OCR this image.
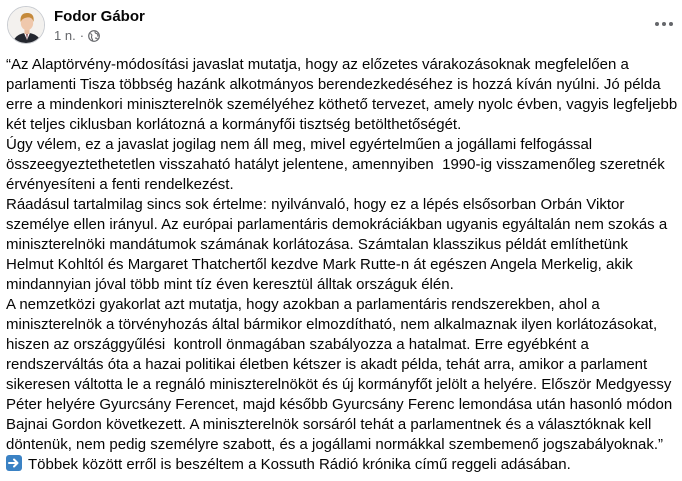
Fodor Gábor
1 n. ·

“Az Alaptörvény-módosítási javaslat mutatja, hogy az előzetes várakozásoknak megfelelően a parlamenti Tisza többség hazánk alkotmányos berendezkedéséhez is hozzá kíván nyúlni. Jó példa erre a mindenkori miniszterelnök személyéhez köthető tervezet, amely nyolc évben, vagyis legfeljebb két teljes ciklusban korlátozná a kormányfői tisztség betölthetőségét.

Úgy vélem, ez a javaslat jogilag nem áll meg, mivel egyértelműen a jogállami felfogással összeegyeztethetetlen visszaható hatályt jelentene, amennyiben  1990-ig visszamenőleg szeretnék érvényesíteni a fenti rendelkezést.

Ráadásul tartalmilag sincs sok értelme: nyilvánvaló, hogy ez a lépés elsősorban Orbán Viktor személye ellen irányul. Az európai parlamentáris demokráciákban ugyanis egyáltalán nem szokás a miniszterelnöki mandátumok számának korlátozása. Számtalan klasszikus példát említhetünk Helmut Kohltól és Margaret Thatchertől kezdve Mark Rutte-n át egészen Angela Merkelig, akik mindannyian jóval több mint tíz éven keresztül álltak országuk élén.

A nemzetközi gyakorlat azt mutatja, hogy azokban a parlamentáris rendszerekben, ahol a miniszterelnök a törvényhozás által bármikor elmozdítható, nem alkalmaznak ilyen korlátozásokat, hiszen az országgyűlési  kontroll önmagában szabályozza a hatalmat. Erre egyébként a rendszerváltás óta a hazai politikai életben kétszer is akadt példa, tehát arra, amikor a parlament sikeresen váltotta le a regnáló miniszterelnököt és új kormányfőt jelölt a helyére. Először Medgyessy Péter helyére Gyurcsány Ferencet, majd később Gyurcsány Ferenc lemondása után hasonló módon Bajnai Gordon következett. A miniszterelnök sorsáról tehát a parlamentnek és a választóknak kell döntenük, nem pedig személyre szabott, és a jogállami normákkal szembemenő jogszabályoknak.”

Többek között erről is beszéltem a Kossuth Rádió krónika című reggeli adásában.
